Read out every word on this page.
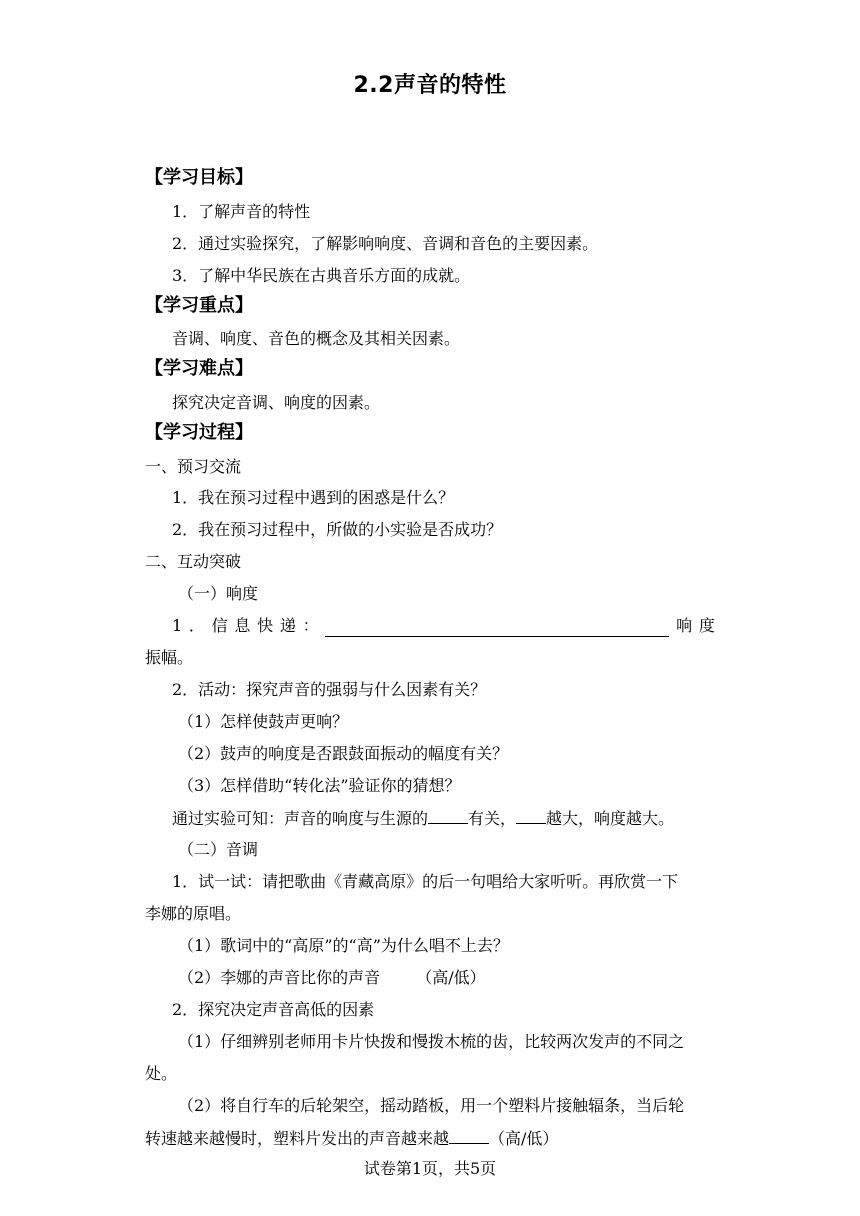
2.2声音的特性
【学习目标】
1．了解声音的特性
2．通过实验探究，了解影响响度、音调和音色的主要因素。
3．了解中华民族在古典音乐方面的成就。
【学习重点】
音调、响度、音色的概念及其相关因素。
【学习难点】
探究决定音调、响度的因素。
【学习过程】
一、预习交流
1．我在预习过程中遇到的困惑是什么？
2．我在预习过程中，所做的小实验是否成功？
二、互动突破
（一）响度
1 ． 信 息 快 递 ：	响 度
振幅。
2．活动：探究声音的强弱与什么因素有关？
（1）怎样使鼓声更响？
（2）鼓声的响度是否跟鼓面振动的幅度有关？
（3）怎样借助“转化法”验证你的猜想？
通过实验可知：声音的响度与生源的	有关， 越大，响度越大。
（二）音调
1．试一试：请把歌曲《青藏高原》的后一句唱给大家听听。再欣赏一下
李娜的原唱。
（1）歌词中的“高原”的“高”为什么唱不上去？
（2）李娜的声音比你的声音 （高/低）
2．探究决定声音高低的因素
（1）仔细辨别老师用卡片快拨和慢拨木梳的齿，比较两次发声的不同之
处。
（2）将自行车的后轮架空，摇动踏板，用一个塑料片接触辐条，当后轮
转速越来越慢时，塑料片发出的声音越来越	（高/低）
试卷第1页，共5页
